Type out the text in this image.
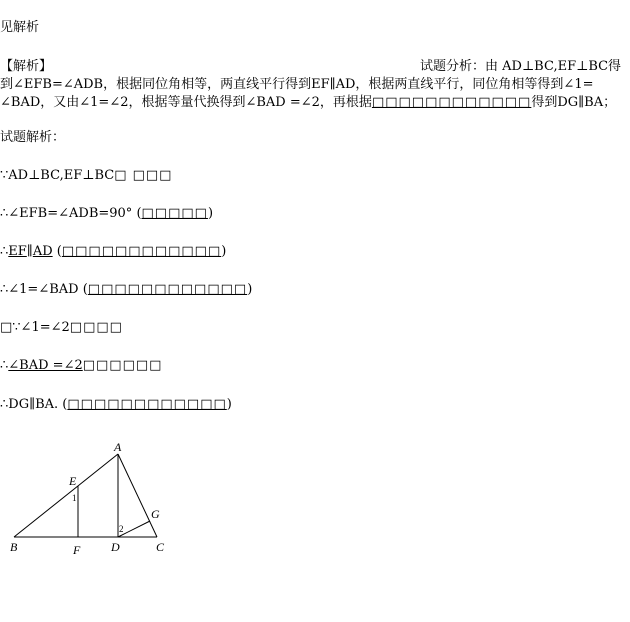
见解析
【解析】	试题分析：由 AD⊥BC,EF⊥BC得
到∠EFB=∠ADB，根据同位角相等，两直线平行得到EF∥AD，根据两直线平行，同位角相等得到∠1=
∠BAD，又由∠1=∠2，根据等量代换得到∠BAD =∠2，再根据□□□□□□□□□□□□得到DG∥BA；
试题解析：
∵AD⊥BC,EF⊥BC□ □□□
∴∠EFB=∠ADB=90° (□□□□□)
∴EF∥AD (□□□□□□□□□□□□)
∴∠1=∠BAD (□□□□□□□□□□□□)
□∵∠1=∠2□□□□
∴∠BAD =∠2□□□□□□
∴DG∥BA. (□□□□□□□□□□□□)
A
B	C
D
E
F
G
1
2
